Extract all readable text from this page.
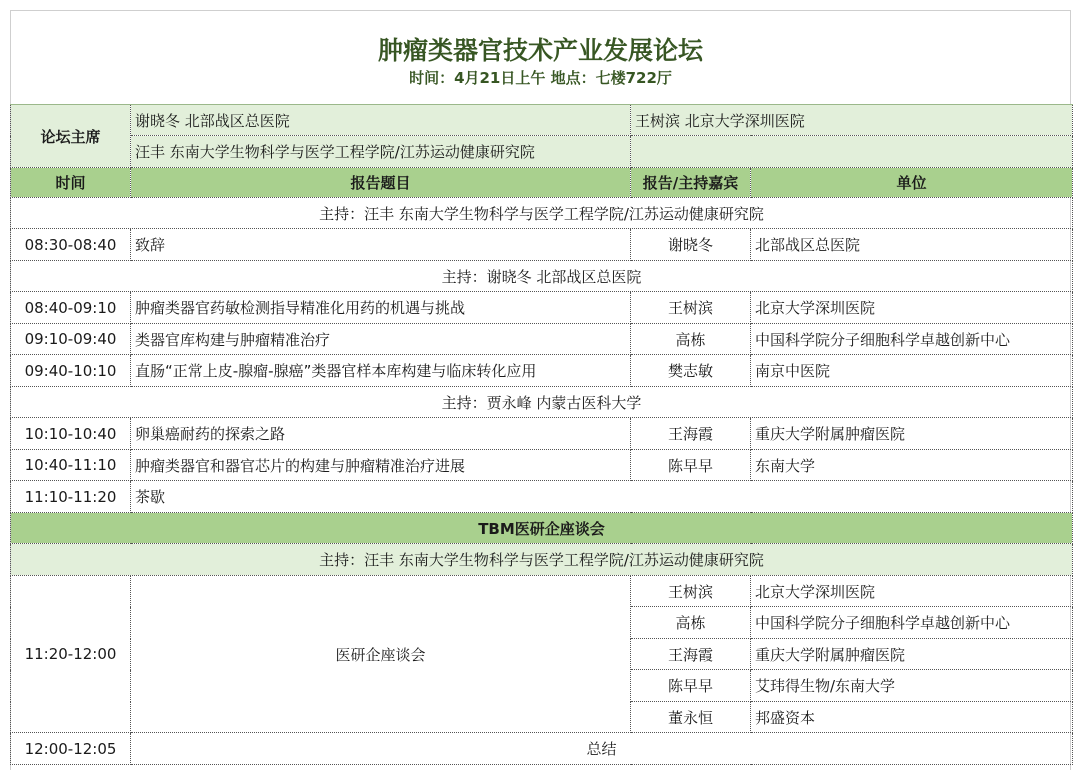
肿瘤类器官技术产业发展论坛
时间：4月21日上午 地点：七楼722厅
论坛主席	谢晓冬 北部战区总医院	王树滨 北京大学深圳医院	
	汪丰 东南大学生物科学与医学工程学院/江苏运动健康研究院		
时间	报告题目	报告/主持嘉宾	单位
主持：汪丰 东南大学生物科学与医学工程学院/江苏运动健康研究院			
08:30-08:40	致辞	谢晓冬	北部战区总医院
主持：谢晓冬 北部战区总医院			
08:40-09:10	肿瘤类器官药敏检测指导精准化用药的机遇与挑战	王树滨	北京大学深圳医院
09:10-09:40	类器官库构建与肿瘤精准治疗	高栋	中国科学院分子细胞科学卓越创新中心
09:40-10:10	直肠“正常上皮-腺瘤-腺癌”类器官样本库构建与临床转化应用	樊志敏	南京中医院
主持：贾永峰 内蒙古医科大学			
10:10-10:40	卵巢癌耐药的探索之路	王海霞	重庆大学附属肿瘤医院
10:40-11:10	肿瘤类器官和器官芯片的构建与肿瘤精准治疗进展	陈早早	东南大学
11:10-11:20	茶歇		
TBM医研企座谈会			
主持：汪丰 东南大学生物科学与医学工程学院/江苏运动健康研究院			
11:20-12:00	医研企座谈会	王树滨	北京大学深圳医院
		高栋	中国科学院分子细胞科学卓越创新中心
		王海霞	重庆大学附属肿瘤医院
		陈早早	艾玮得生物/东南大学
		董永恒	邦盛资本
12:00-12:05	总结		
